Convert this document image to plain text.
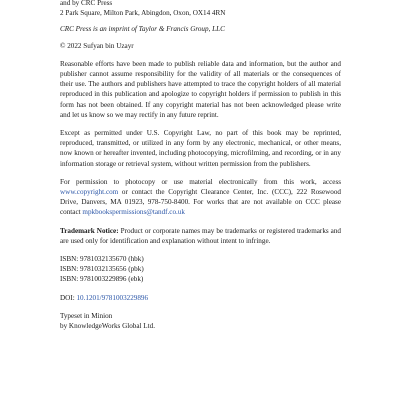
and by CRC Press
2 Park Square, Milton Park, Abingdon, Oxon, OX14 4RN
CRC Press is an imprint of Taylor & Francis Group, LLC
© 2022 Sufyan bin Uzayr
Reasonable efforts have been made to publish reliable data and information, but the author and publisher cannot assume responsibility for the validity of all materials or the consequences of their use. The authors and publishers have attempted to trace the copyright holders of all material reproduced in this publication and apologize to copyright holders if permission to publish in this form has not been obtained. If any copyright material has not been acknowledged please write and let us know so we may rectify in any future reprint.
Except as permitted under U.S. Copyright Law, no part of this book may be reprinted, reproduced, transmitted, or utilized in any form by any electronic, mechanical, or other means, now known or hereafter invented, including photocopying, microfilming, and recording, or in any information storage or retrieval system, without written permission from the publishers.
For permission to photocopy or use material electronically from this work, access www.copyright.com or contact the Copyright Clearance Center, Inc. (CCC), 222 Rosewood Drive, Danvers, MA 01923, 978-750-8400. For works that are not available on CCC please contact mpkbookspermissions@tandf.co.uk
Trademark Notice: Product or corporate names may be trademarks or registered trademarks and are used only for identification and explanation without intent to infringe.
ISBN: 9781032135670 (hbk)
ISBN: 9781032135656 (pbk)
ISBN: 9781003229896 (ebk)
DOI: 10.1201/9781003229896
Typeset in Minion
by KnowledgeWorks Global Ltd.
